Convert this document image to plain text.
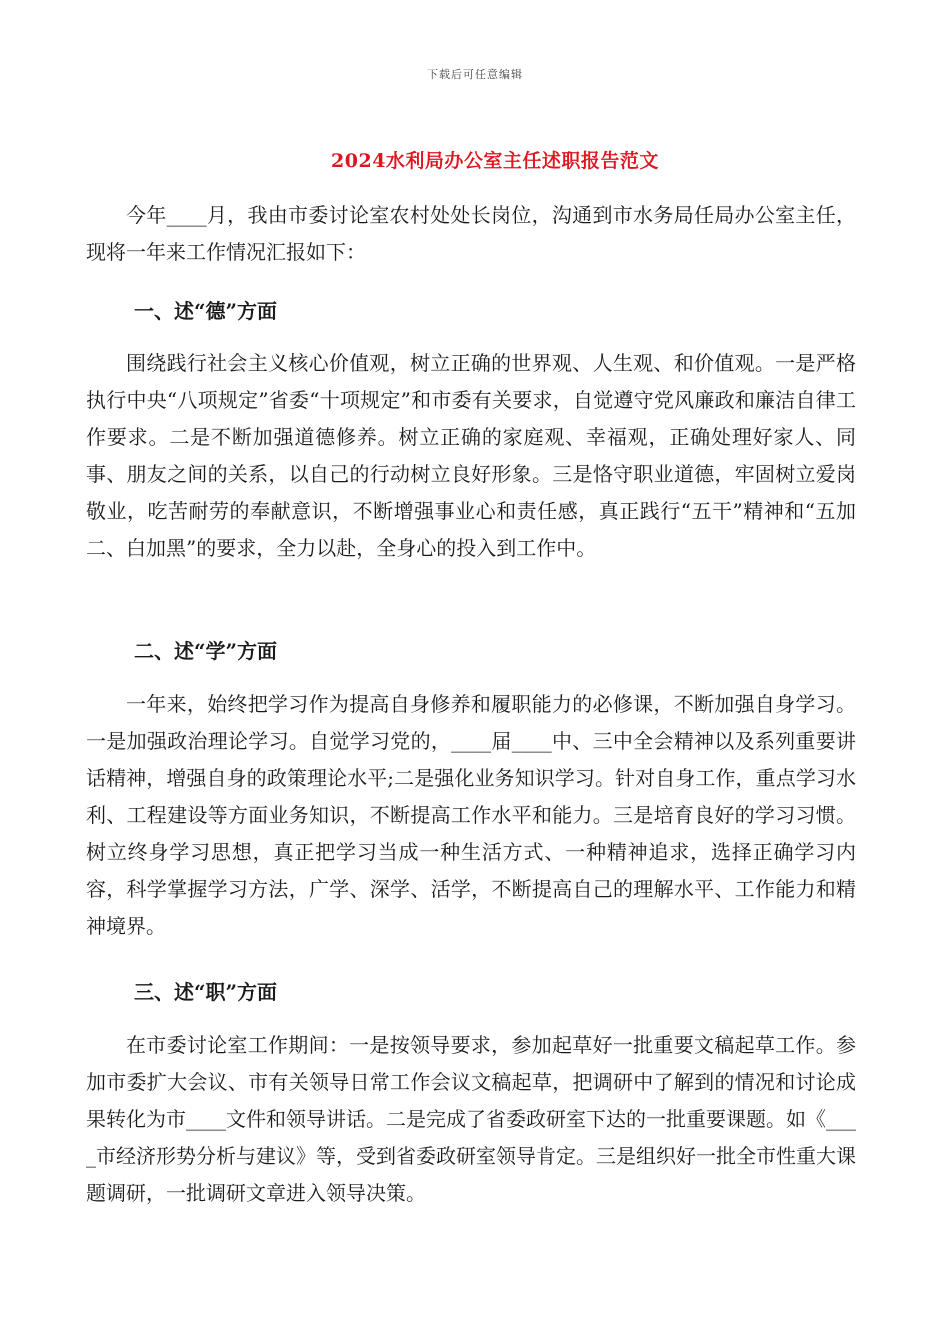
下载后可任意编辑
2024水利局办公室主任述职报告范文

今年____月，我由市委讨论室农村处处长岗位，沟通到市水务局任局办公室主任，现将一年来工作情况汇报如下：

一、述“德”方面

围绕践行社会主义核心价值观，树立正确的世界观、人生观、和价值观。一是严格执行中央“八项规定”省委“十项规定”和市委有关要求，自觉遵守党风廉政和廉洁自律工作要求。二是不断加强道德修养。树立正确的家庭观、幸福观，正确处理好家人、同事、朋友之间的关系，以自己的行动树立良好形象。三是恪守职业道德，牢固树立爱岗敬业，吃苦耐劳的奉献意识，不断增强事业心和责任感，真正践行“五干”精神和“五加二、白加黑”的要求，全力以赴，全身心的投入到工作中。

二、述“学”方面

一年来，始终把学习作为提高自身修养和履职能力的必修课，不断加强自身学习。一是加强政治理论学习。自觉学习党的，____届____中、三中全会精神以及系列重要讲话精神，增强自身的政策理论水平;二是强化业务知识学习。针对自身工作，重点学习水利、工程建设等方面业务知识，不断提高工作水平和能力。三是培育良好的学习习惯。树立终身学习思想，真正把学习当成一种生活方式、一种精神追求，选择正确学习内容，科学掌握学习方法，广学、深学、活学，不断提高自己的理解水平、工作能力和精神境界。

三、述“职”方面

在市委讨论室工作期间：一是按领导要求，参加起草好一批重要文稿起草工作。参加市委扩大会议、市有关领导日常工作会议文稿起草，把调研中了解到的情况和讨论成果转化为市____文件和领导讲话。二是完成了省委政研室下达的一批重要课题。如《____市经济形势分析与建议》等，受到省委政研室领导肯定。三是组织好一批全市性重大课题调研，一批调研文章进入领导决策。
